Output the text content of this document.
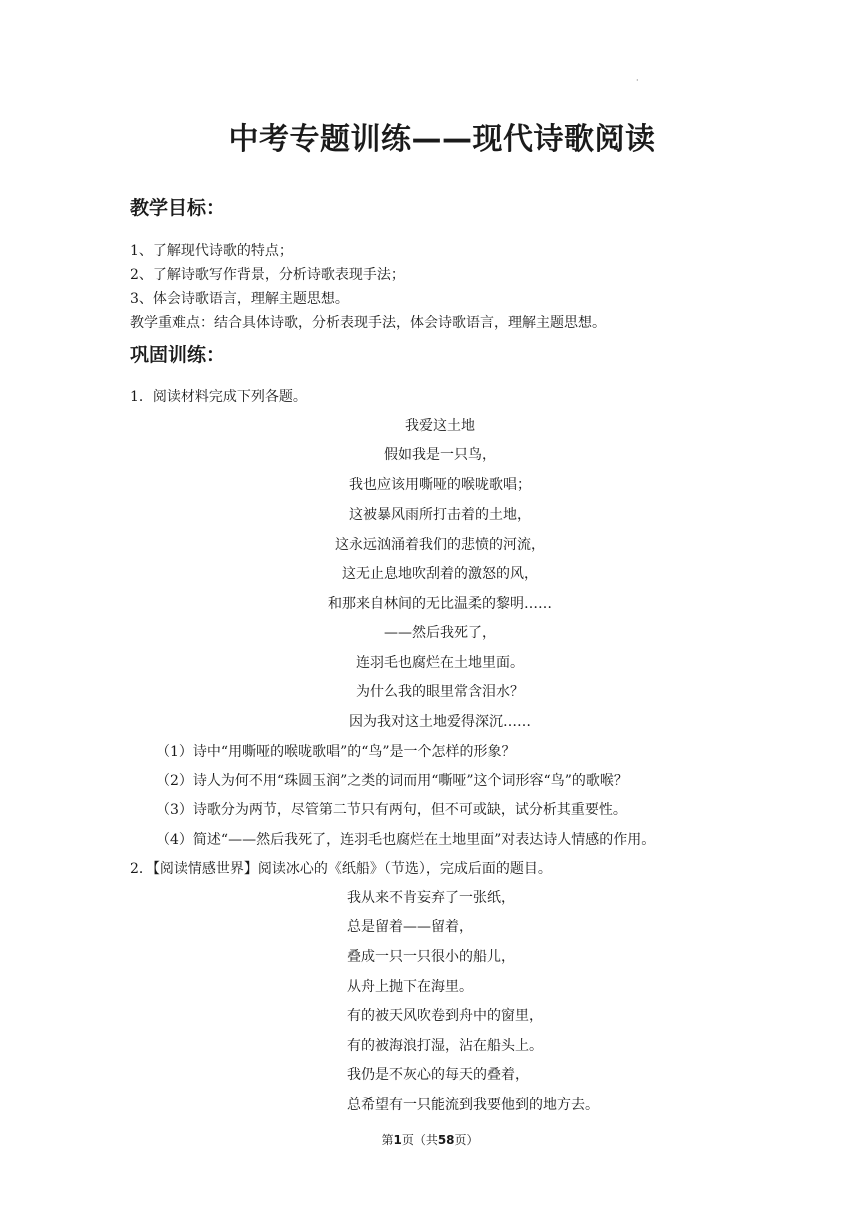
·
中考专题训练——现代诗歌阅读
教学目标：
1、了解现代诗歌的特点；
2、了解诗歌写作背景，分析诗歌表现手法；
3、体会诗歌语言，理解主题思想。
教学重难点：结合具体诗歌，分析表现手法，体会诗歌语言，理解主题思想。
巩固训练：
1．阅读材料完成下列各题。
我爱这土地
假如我是一只鸟，
我也应该用嘶哑的喉咙歌唱；
这被暴风雨所打击着的土地，
这永远汹涌着我们的悲愤的河流，
这无止息地吹刮着的激怒的风，
和那来自林间的无比温柔的黎明……
——然后我死了，
连羽毛也腐烂在土地里面。
为什么我的眼里常含泪水？
因为我对这土地爱得深沉……
（1）诗中“用嘶哑的喉咙歌唱”的“鸟”是一个怎样的形象？
（2）诗人为何不用“珠圆玉润”之类的词而用“嘶哑”这个词形容“鸟”的歌喉？
（3）诗歌分为两节，尽管第二节只有两句，但不可或缺，试分析其重要性。
（4）简述“——然后我死了，连羽毛也腐烂在土地里面”对表达诗人情感的作用。
2．【阅读情感世界】阅读冰心的《纸船》（节选），完成后面的题目。
我从来不肯妄弃了一张纸，
总是留着——留着，
叠成一只一只很小的船儿，
从舟上抛下在海里。
有的被天风吹卷到舟中的窗里，
有的被海浪打湿，沾在船头上。
我仍是不灰心的每天的叠着，
总希望有一只能流到我要他到的地方去。
第1页（共58页）
